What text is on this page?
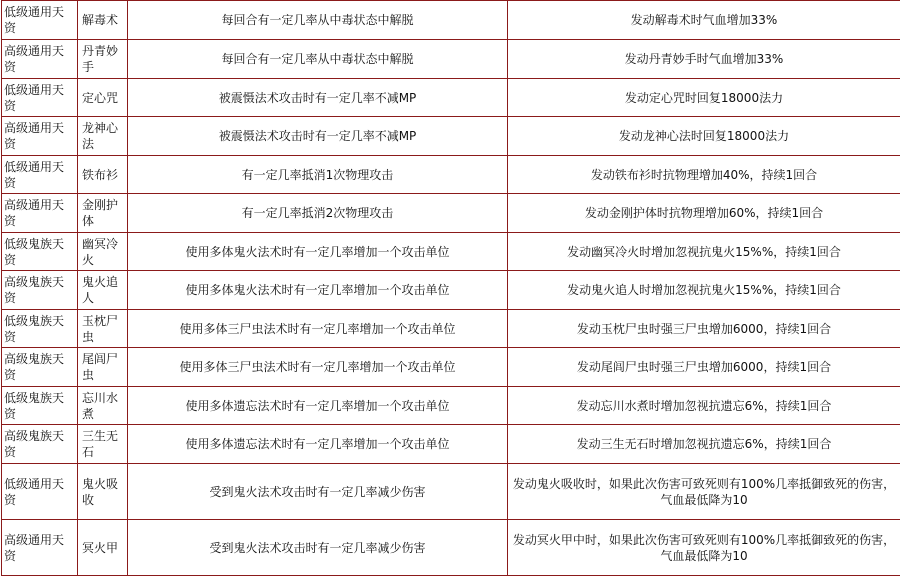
低级通用天资	解毒术	每回合有一定几率从中毒状态中解脱	发动解毒术时气血增加33%
高级通用天资	丹青妙手	每回合有一定几率从中毒状态中解脱	发动丹青妙手时气血增加33%
低级通用天资	定心咒	被震慑法术攻击时有一定几率不减MP	发动定心咒时回复18000法力
高级通用天资	龙神心法	被震慑法术攻击时有一定几率不减MP	发动龙神心法时回复18000法力
低级通用天资	铁布衫	有一定几率抵消1次物理攻击	发动铁布衫时抗物理增加40%，持续1回合
高级通用天资	金刚护体	有一定几率抵消2次物理攻击	发动金刚护体时抗物理增加60%，持续1回合
低级鬼族天资	幽冥冷火	使用多体鬼火法术时有一定几率增加一个攻击单位	发动幽冥冷火时增加忽视抗鬼火15%%，持续1回合
高级鬼族天资	鬼火追人	使用多体鬼火法术时有一定几率增加一个攻击单位	发动鬼火追人时增加忽视抗鬼火15%%，持续1回合
低级鬼族天资	玉枕尸虫	使用多体三尸虫法术时有一定几率增加一个攻击单位	发动玉枕尸虫时强三尸虫增加6000，持续1回合
高级鬼族天资	尾闾尸虫	使用多体三尸虫法术时有一定几率增加一个攻击单位	发动尾闾尸虫时强三尸虫增加6000，持续1回合
低级鬼族天资	忘川水煮	使用多体遗忘法术时有一定几率增加一个攻击单位	发动忘川水煮时增加忽视抗遗忘6%，持续1回合
高级鬼族天资	三生无石	使用多体遗忘法术时有一定几率增加一个攻击单位	发动三生无石时增加忽视抗遗忘6%，持续1回合
低级通用天资	鬼火吸收	受到鬼火法术攻击时有一定几率减少伤害	发动鬼火吸收时，如果此次伤害可致死则有100%几率抵御致死的伤害，
气血最低降为10

高级通用天资	冥火甲	受到鬼火法术攻击时有一定几率减少伤害	发动冥火甲中时，如果此次伤害可致死则有100%几率抵御致死的伤害，
气血最低降为10
